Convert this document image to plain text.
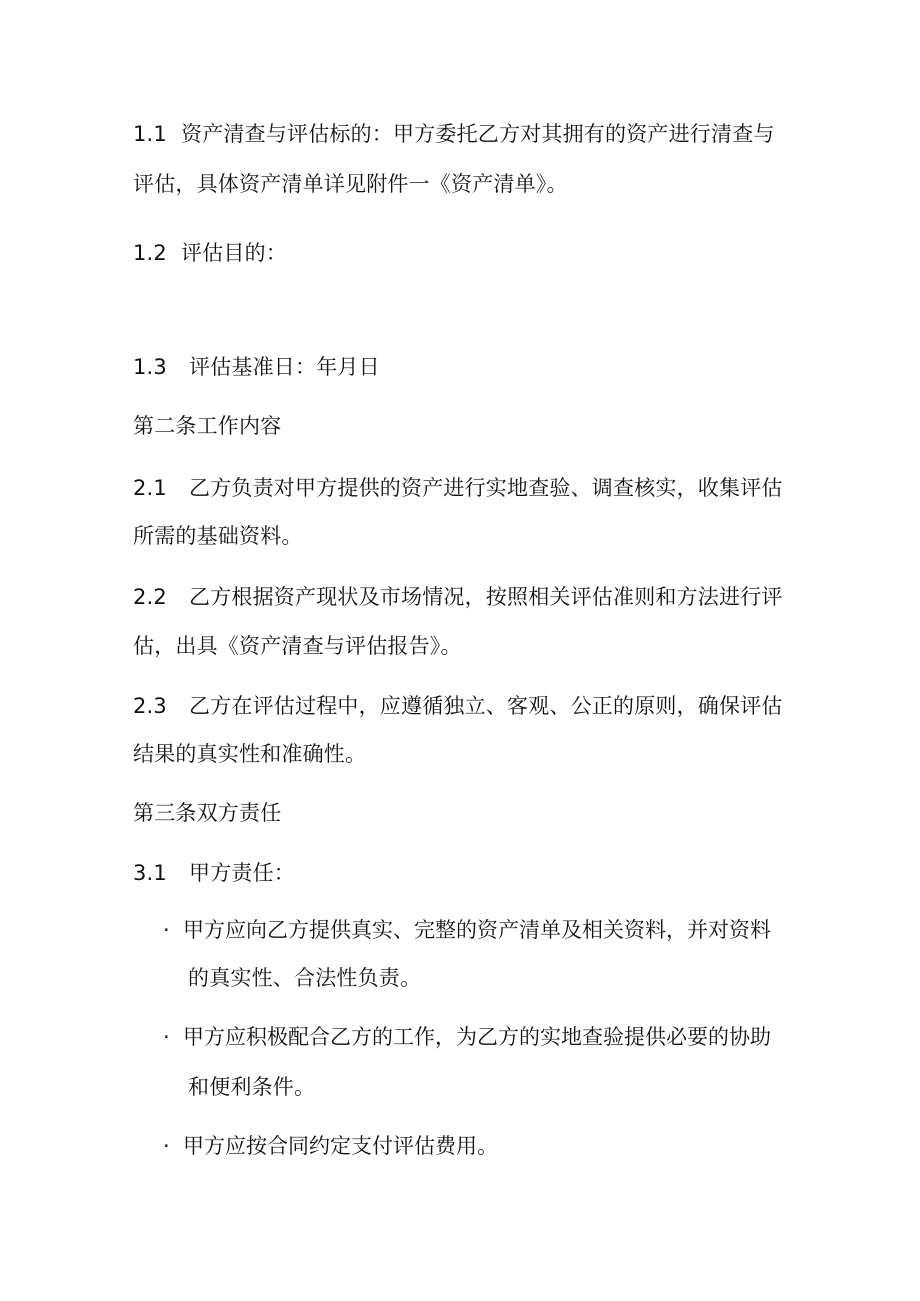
1.1 资产清查与评估标的：甲方委托乙方对其拥有的资产进行清查与
评估，具体资产清单详见附件一《资产清单》。
1.2 评估目的：
1.3 评估基准日：年月日
第二条工作内容
2.1 乙方负责对甲方提供的资产进行实地查验、调查核实，收集评估
所需的基础资料。
2.2 乙方根据资产现状及市场情况，按照相关评估准则和方法进行评
估，出具《资产清查与评估报告》。
2.3 乙方在评估过程中，应遵循独立、客观、公正的原则，确保评估
结果的真实性和准确性。
第三条双方责任
3.1 甲方责任：
· 甲方应向乙方提供真实、完整的资产清单及相关资料，并对资料
的真实性、合法性负责。
· 甲方应积极配合乙方的工作，为乙方的实地查验提供必要的协助
和便利条件。
· 甲方应按合同约定支付评估费用。
